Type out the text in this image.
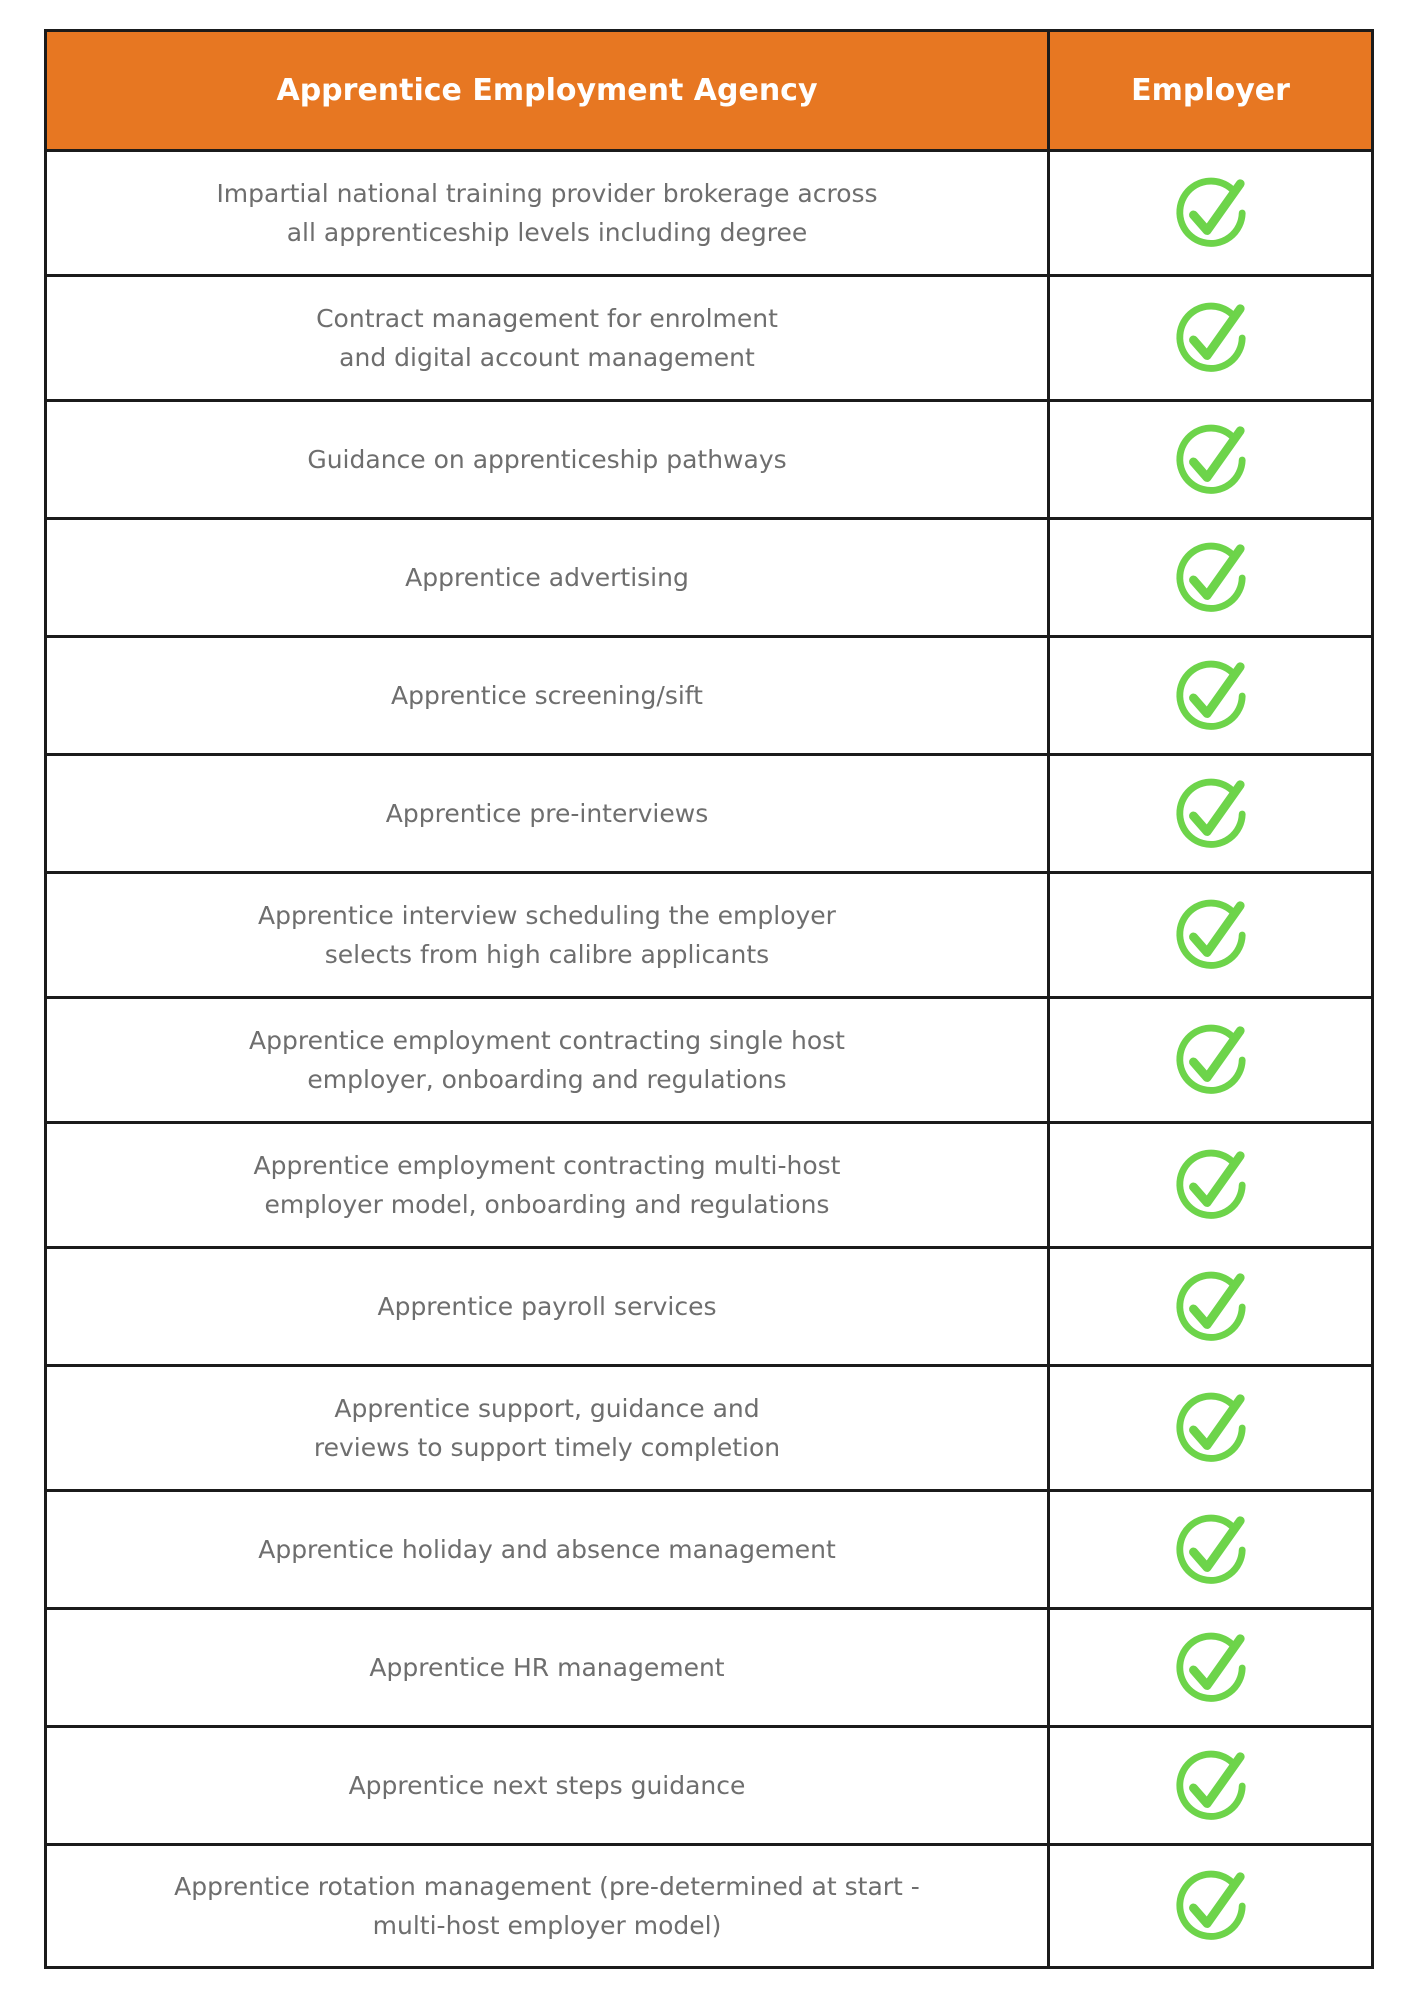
Apprentice Employment Agency	Employer
Impartial national training provider brokerage across
all apprenticeship levels including degree
Contract management for enrolment
and digital account management
Guidance on apprenticeship pathways
Apprentice advertising
Apprentice screening/sift
Apprentice pre-interviews
Apprentice interview scheduling the employer
selects from high calibre applicants
Apprentice employment contracting single host
employer, onboarding and regulations
Apprentice employment contracting multi-host
employer model, onboarding and regulations
Apprentice payroll services
Apprentice support, guidance and
reviews to support timely completion
Apprentice holiday and absence management
Apprentice HR management
Apprentice next steps guidance
Apprentice rotation management (pre-determined at start -
multi-host employer model)
